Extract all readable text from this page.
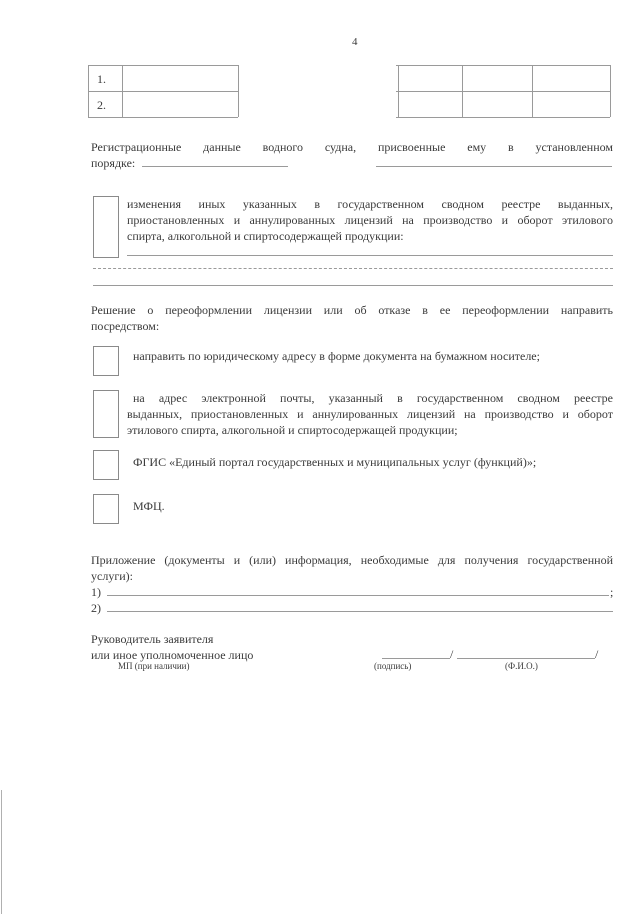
4
1.
2.
Регистрационные данные водного судна, присвоенные ему в установленном
порядке:
изменения иных указанных в государственном сводном реестре выданных,
приостановленных и аннулированных лицензий на производство и оборот этилового
спирта, алкогольной и спиртосодержащей продукции:
Решение о переоформлении лицензии или об отказе в ее переоформлении направить
посредством:
направить по юридическому адресу в форме документа на бумажном носителе;
на адрес электронной почты, указанный в государственном сводном реестре
выданных, приостановленных и аннулированных лицензий на производство и оборот
этилового спирта, алкогольной и спиртосодержащей продукции;
ФГИС «Единый портал государственных и муниципальных услуг (функций)»;
МФЦ.
Приложение (документы и (или) информация, необходимые для получения государственной
услуги):
1)	;
2)
Руководитель заявителя
или иное уполномоченное лицо	/	/
МП (при наличии)	(подпись)	(Ф.И.О.)
